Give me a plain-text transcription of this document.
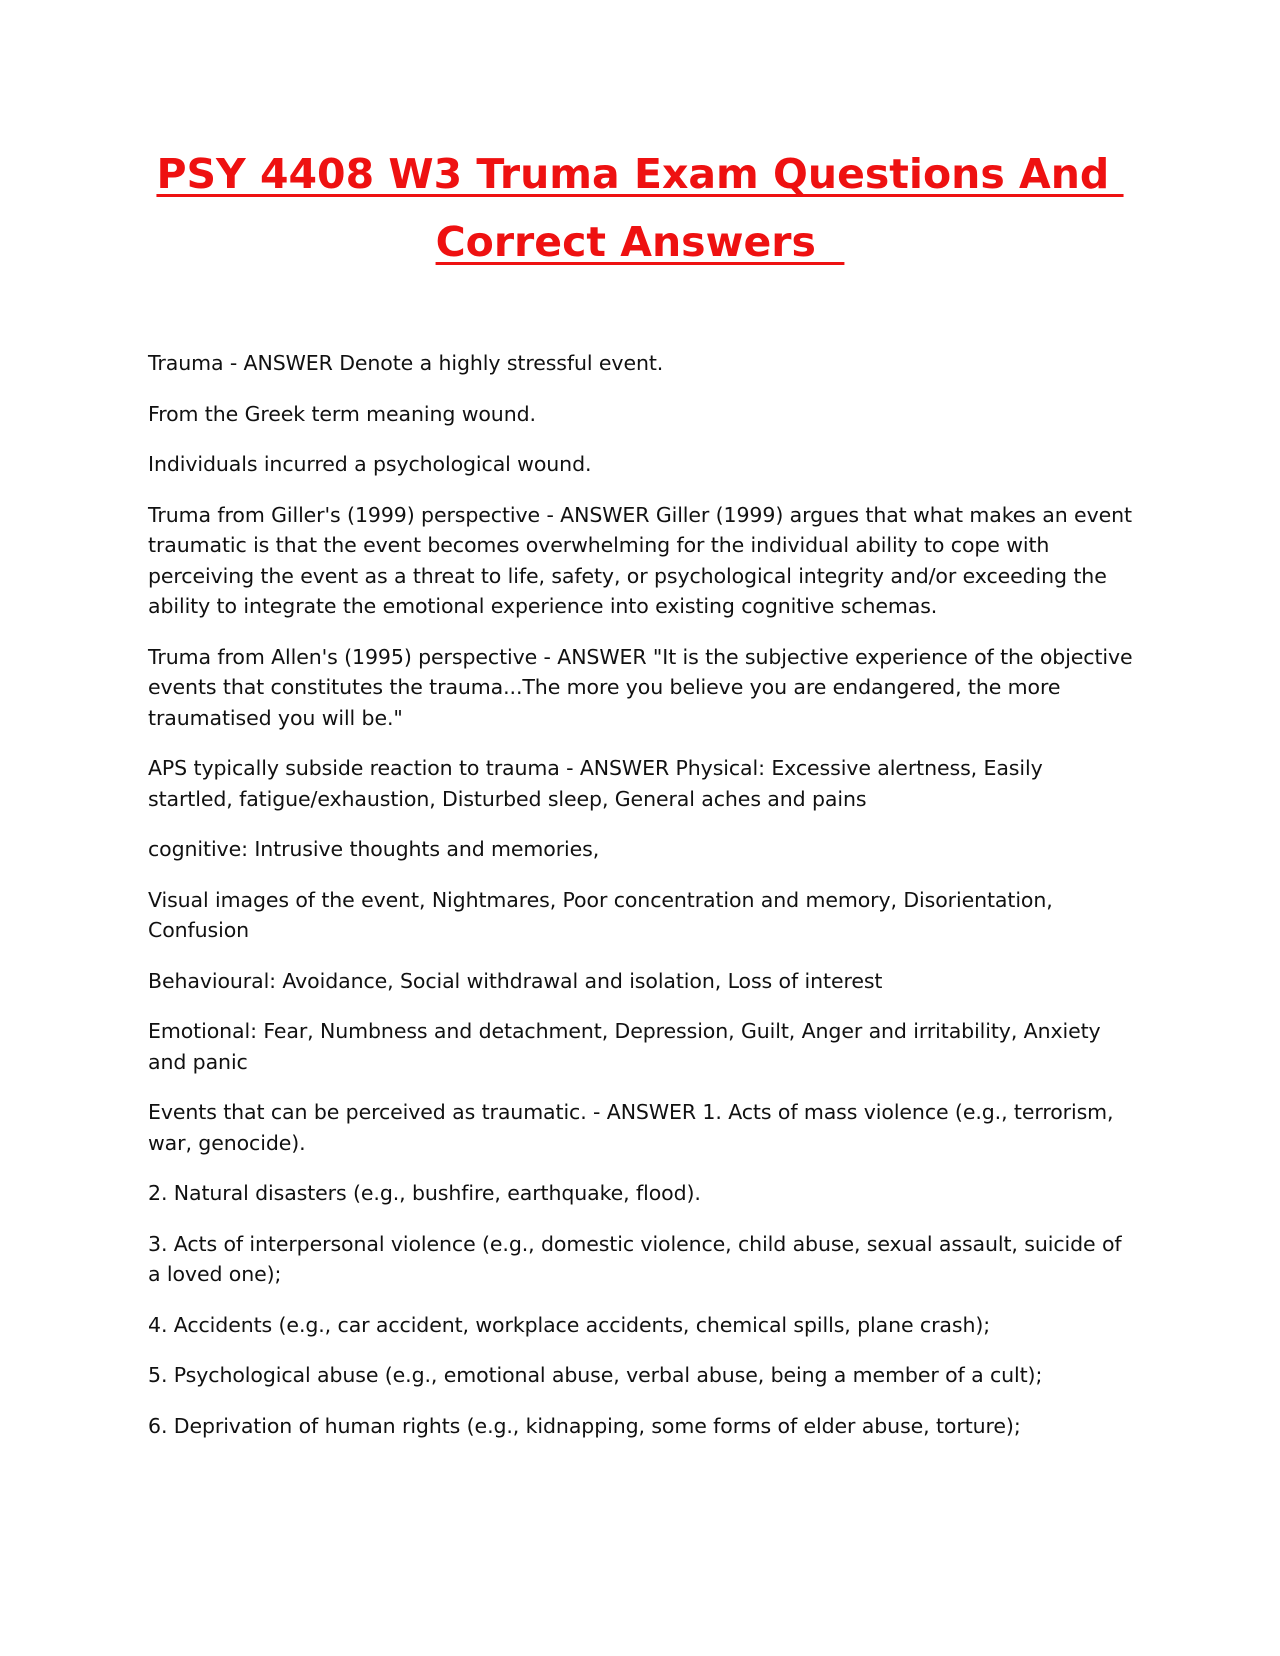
PSY 4408 W3 Truma Exam Questions And
Correct Answers

Trauma - ANSWER Denote a highly stressful event.

From the Greek term meaning wound.

Individuals incurred a psychological wound.

Truma from Giller's (1999) perspective - ANSWER Giller (1999) argues that what makes an event traumatic is that the event becomes overwhelming for the individual ability to cope with perceiving the event as a threat to life, safety, or psychological integrity and/or exceeding the ability to integrate the emotional experience into existing cognitive schemas.

Truma from Allen's (1995) perspective - ANSWER "It is the subjective experience of the objective events that constitutes the trauma...The more you believe you are endangered, the more traumatised you will be."

APS typically subside reaction to trauma - ANSWER Physical: Excessive alertness, Easily startled, fatigue/exhaustion, Disturbed sleep, General aches and pains

cognitive: Intrusive thoughts and memories,

Visual images of the event, Nightmares, Poor concentration and memory, Disorientation, Confusion

Behavioural: Avoidance, Social withdrawal and isolation, Loss of interest

Emotional: Fear, Numbness and detachment, Depression, Guilt, Anger and irritability, Anxiety and panic

Events that can be perceived as traumatic. - ANSWER 1. Acts of mass violence (e.g., terrorism, war, genocide).

2. Natural disasters (e.g., bushfire, earthquake, flood).

3. Acts of interpersonal violence (e.g., domestic violence, child abuse, sexual assault, suicide of a loved one);

4. Accidents (e.g., car accident, workplace accidents, chemical spills, plane crash);

5. Psychological abuse (e.g., emotional abuse, verbal abuse, being a member of a cult);

6. Deprivation of human rights (e.g., kidnapping, some forms of elder abuse, torture);
